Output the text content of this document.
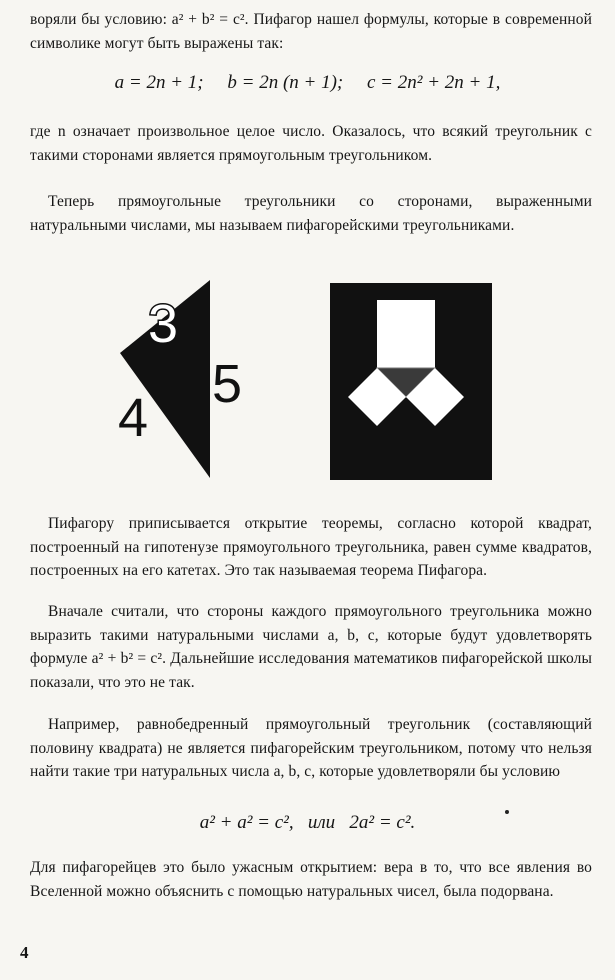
воряли бы условию: a² + b² = c². Пифагор нашел формулы, которые в современной символике могут быть выражены так:

a = 2n + 1;     b = 2n (n + 1);     c = 2n² + 2n + 1,

где n означает произвольное целое число. Оказалось, что всякий треугольник с такими сторонами является прямоугольным треугольником.

Теперь прямоугольные треугольники со сторонами, выраженными натуральными числами, мы называем пифагорейскими треугольниками.

3
4
5

Пифагору приписывается открытие теоремы, согласно которой квадрат, построенный на гипотенузе прямоугольного треугольника, равен сумме квадратов, построенных на его катетах. Это так называемая теорема Пифагора.

Вначале считали, что стороны каждого прямоугольного треугольника можно выразить такими натуральными числами a, b, c, которые будут удовлетворять формуле a² + b² = c². Дальнейшие исследования математиков пифагорейской школы показали, что это не так.

Например, равнобедренный прямоугольный треугольник (составляющий половину квадрата) не является пифагорейским треугольником, потому что нельзя найти такие три натуральных числа a, b, c, которые удовлетворяли бы условию

a² + a² = c²,   или   2a² = c².

Для пифагорейцев это было ужасным открытием: вера в то, что все явления во Вселенной можно объяснить с помощью натуральных чисел, была подорвана.

4
